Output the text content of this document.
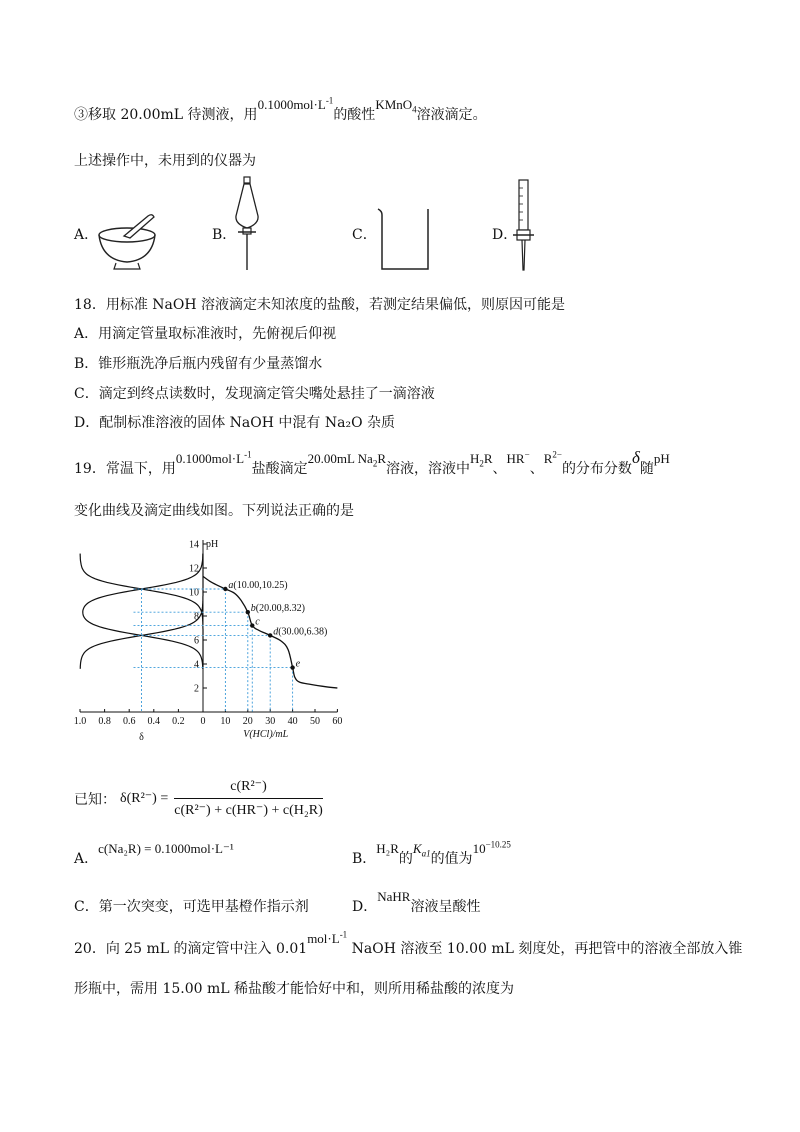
③移取 20.00mL 待测液，用$0.1000mol\cdot L^{-1}$的酸性KMnO$_4$溶液滴定。
上述操作中，未用到的仪器为
A．	B．	C．	D．
18．用标准 NaOH 溶液滴定未知浓度的盐酸，若测定结果偏低，则原因可能是
A．用滴定管量取标准液时，先俯视后仰视
B．锥形瓶洗净后瓶内残留有少量蒸馏水
C．滴定到终点读数时，发现滴定管尖嘴处悬挂了一滴溶液
D．配制标准溶液的固体 NaOH 中混有 Na₂O 杂质
19．常温下，用$0.1000mol\cdot L^{-1}$盐酸滴定20.00mL $Na_2R$溶液，溶液中$H_2R$、HR−、$R^{2-}$的分布分数δ随pH
变化曲线及滴定曲线如图。下列说法正确的是
2
4
6
8
10
12
14 pH
0 10 20 30 40 50 60
V(HCl)/mL
1.0 0.8 0.6 0.4 0.2
δ
a(10.00,10.25)
b(20.00,8.32)
c
d(30.00,6.38)
e
已知： $\delta(R^{2-}) = \frac{\text{c(R²⁻)}}{\text{c(R²⁻) + c(HR⁻) + c(H₂R)}}$
A．c(Na₂R) = 0.1000mol·L⁻¹
B．H₂R的$K_{a1}$的值为$10^{-10.25}$
C．第一次突变，可选甲基橙作指示剂	D．NaHR溶液呈酸性
20．向 25 mL 的滴定管中注入 $0.01mol\cdot L^{-1}$ NaOH 溶液至 10.00 mL 刻度处，再把管中的溶液全部放入锥
形瓶中，需用 15.00 mL 稀盐酸才能恰好中和，则所用稀盐酸的浓度为
